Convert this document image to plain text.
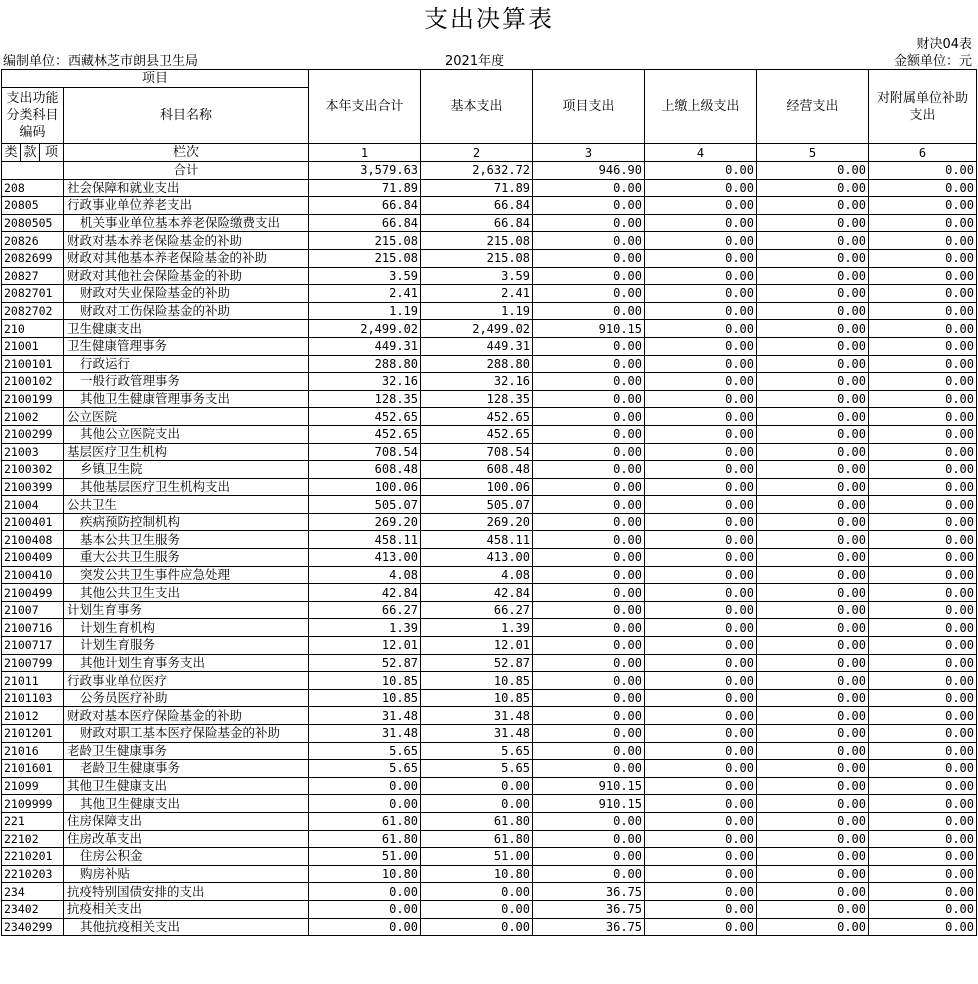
支出决算表
财决04表
编制单位：西藏林芝市朗县卫生局	2021年度	金额单位：元
项目				本年支出合计	基本支出	项目支出	上缴上级支出	经营支出	对附属单位补助支出
支出功能分类科目编码			科目名称						

类	款	项							
			栏次	1	2	3	4	5	6
			合计	3,579.63	2,632.72	946.90	0.00	0.00	0.00
208			社会保障和就业支出	71.89	71.89	0.00	0.00	0.00	0.00
20805			行政事业单位养老支出	66.84	66.84	0.00	0.00	0.00	0.00
2080505			机关事业单位基本养老保险缴费支出	66.84	66.84	0.00	0.00	0.00	0.00
20826			财政对基本养老保险基金的补助	215.08	215.08	0.00	0.00	0.00	0.00
2082699			财政对其他基本养老保险基金的补助	215.08	215.08	0.00	0.00	0.00	0.00
20827			财政对其他社会保险基金的补助	3.59	3.59	0.00	0.00	0.00	0.00
2082701			财政对失业保险基金的补助	2.41	2.41	0.00	0.00	0.00	0.00
2082702			财政对工伤保险基金的补助	1.19	1.19	0.00	0.00	0.00	0.00
210			卫生健康支出	2,499.02	2,499.02	910.15	0.00	0.00	0.00
21001			卫生健康管理事务	449.31	449.31	0.00	0.00	0.00	0.00
2100101			行政运行	288.80	288.80	0.00	0.00	0.00	0.00
2100102			一般行政管理事务	32.16	32.16	0.00	0.00	0.00	0.00
2100199			其他卫生健康管理事务支出	128.35	128.35	0.00	0.00	0.00	0.00
21002			公立医院	452.65	452.65	0.00	0.00	0.00	0.00
2100299			其他公立医院支出	452.65	452.65	0.00	0.00	0.00	0.00
21003			基层医疗卫生机构	708.54	708.54	0.00	0.00	0.00	0.00
2100302			乡镇卫生院	608.48	608.48	0.00	0.00	0.00	0.00
2100399			其他基层医疗卫生机构支出	100.06	100.06	0.00	0.00	0.00	0.00
21004			公共卫生	505.07	505.07	0.00	0.00	0.00	0.00
2100401			疾病预防控制机构	269.20	269.20	0.00	0.00	0.00	0.00
2100408			基本公共卫生服务	458.11	458.11	0.00	0.00	0.00	0.00
2100409			重大公共卫生服务	413.00	413.00	0.00	0.00	0.00	0.00
2100410			突发公共卫生事件应急处理	4.08	4.08	0.00	0.00	0.00	0.00
2100499			其他公共卫生支出	42.84	42.84	0.00	0.00	0.00	0.00
21007			计划生育事务	66.27	66.27	0.00	0.00	0.00	0.00
2100716			计划生育机构	1.39	1.39	0.00	0.00	0.00	0.00
2100717			计划生育服务	12.01	12.01	0.00	0.00	0.00	0.00
2100799			其他计划生育事务支出	52.87	52.87	0.00	0.00	0.00	0.00
21011			行政事业单位医疗	10.85	10.85	0.00	0.00	0.00	0.00
2101103			公务员医疗补助	10.85	10.85	0.00	0.00	0.00	0.00
21012			财政对基本医疗保险基金的补助	31.48	31.48	0.00	0.00	0.00	0.00
2101201			财政对职工基本医疗保险基金的补助	31.48	31.48	0.00	0.00	0.00	0.00
21016			老龄卫生健康事务	5.65	5.65	0.00	0.00	0.00	0.00
2101601			老龄卫生健康事务	5.65	5.65	0.00	0.00	0.00	0.00
21099			其他卫生健康支出	0.00	0.00	910.15	0.00	0.00	0.00
2109999			其他卫生健康支出	0.00	0.00	910.15	0.00	0.00	0.00
221			住房保障支出	61.80	61.80	0.00	0.00	0.00	0.00
22102			住房改革支出	61.80	61.80	0.00	0.00	0.00	0.00
2210201			住房公积金	51.00	51.00	0.00	0.00	0.00	0.00
2210203			购房补贴	10.80	10.80	0.00	0.00	0.00	0.00
234			抗疫特别国债安排的支出	0.00	0.00	36.75	0.00	0.00	0.00
23402			抗疫相关支出	0.00	0.00	36.75	0.00	0.00	0.00
2340299			其他抗疫相关支出	0.00	0.00	36.75	0.00	0.00	0.00
